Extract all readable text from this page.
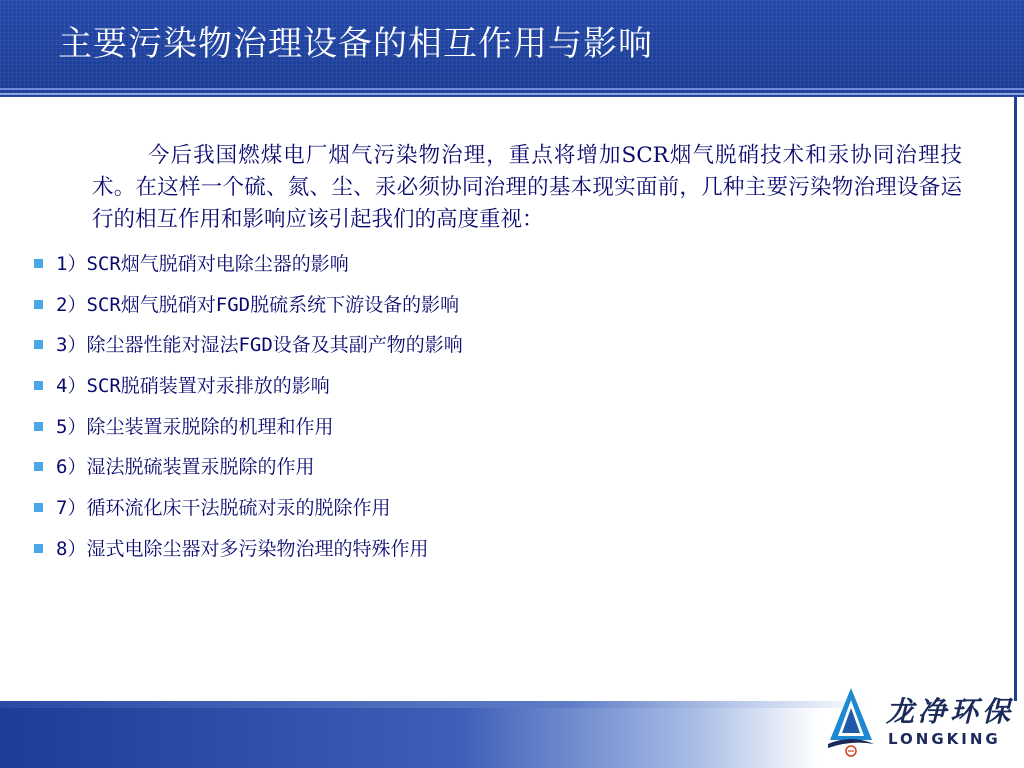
主要污染物治理设备的相互作用与影响

今后我国燃煤电厂烟气污染物治理，重点将增加SCR烟气脱硝技术和汞协同治理技术。在这样一个硫、氮、尘、汞必须协同治理的基本现实面前，几种主要污染物治理设备运行的相互作用和影响应该引起我们的高度重视：

1）SCR烟气脱硝对电除尘器的影响
2）SCR烟气脱硝对FGD脱硫系统下游设备的影响
3）除尘器性能对湿法FGD设备及其副产物的影响
4）SCR脱硝装置对汞排放的影响
5）除尘装置汞脱除的机理和作用
6）湿法脱硫装置汞脱除的作用
7）循环流化床干法脱硫对汞的脱除作用
8）湿式电除尘器对多污染物治理的特殊作用
龙净环保
LONGKING
